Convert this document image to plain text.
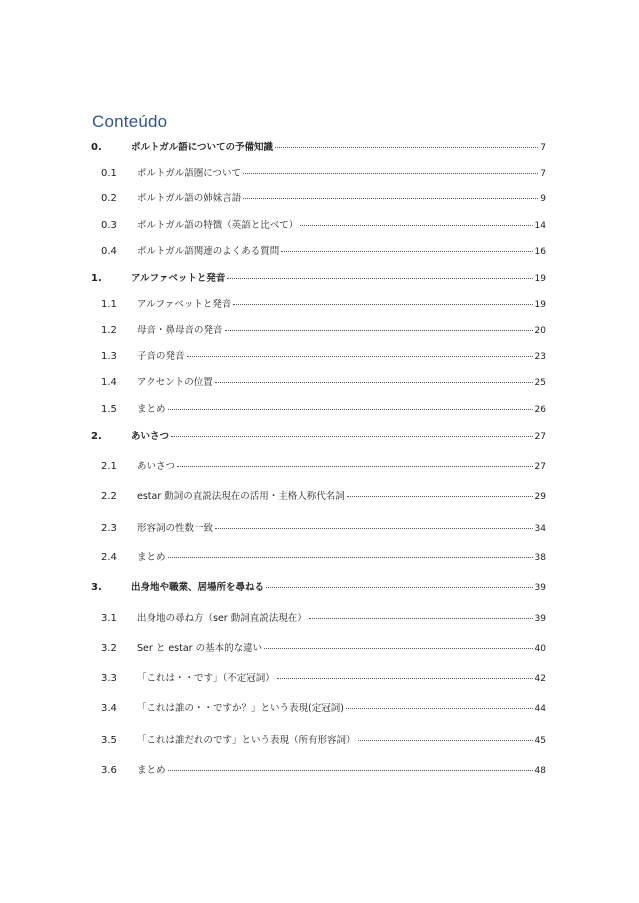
Conteúdo
0.	ポルトガル語についての予備知識	7
0.1	ポルトガル語圏について	7
0.2	ポルトガル語の姉妹言語	9
0.3	ポルトガル語の特徴（英語と比べて）	14
0.4	ポルトガル語関連のよくある質問	16
1.	アルファベットと発音	19
1.1	アルファベットと発音	19
1.2	母音・鼻母音の発音	20
1.3	子音の発音	23
1.4	アクセントの位置	25
1.5	まとめ	26
2.	あいさつ	27
2.1	あいさつ	27
2.2	estar 動詞の直説法現在の活用・主格人称代名詞	29
2.3	形容詞の性数一致	34
2.4	まとめ	38
3.	出身地や職業、居場所を尋ねる	39
3.1	出身地の尋ね方（ser 動詞直説法現在）	39
3.2	Ser と estar の基本的な違い	40
3.3	「これは・・です」（不定冠詞）	42
3.4	「これは誰の・・ですか？」という表現(定冠詞)	44
3.5	「これは誰だれのです」という表現（所有形容詞）	45
3.6	まとめ	48
